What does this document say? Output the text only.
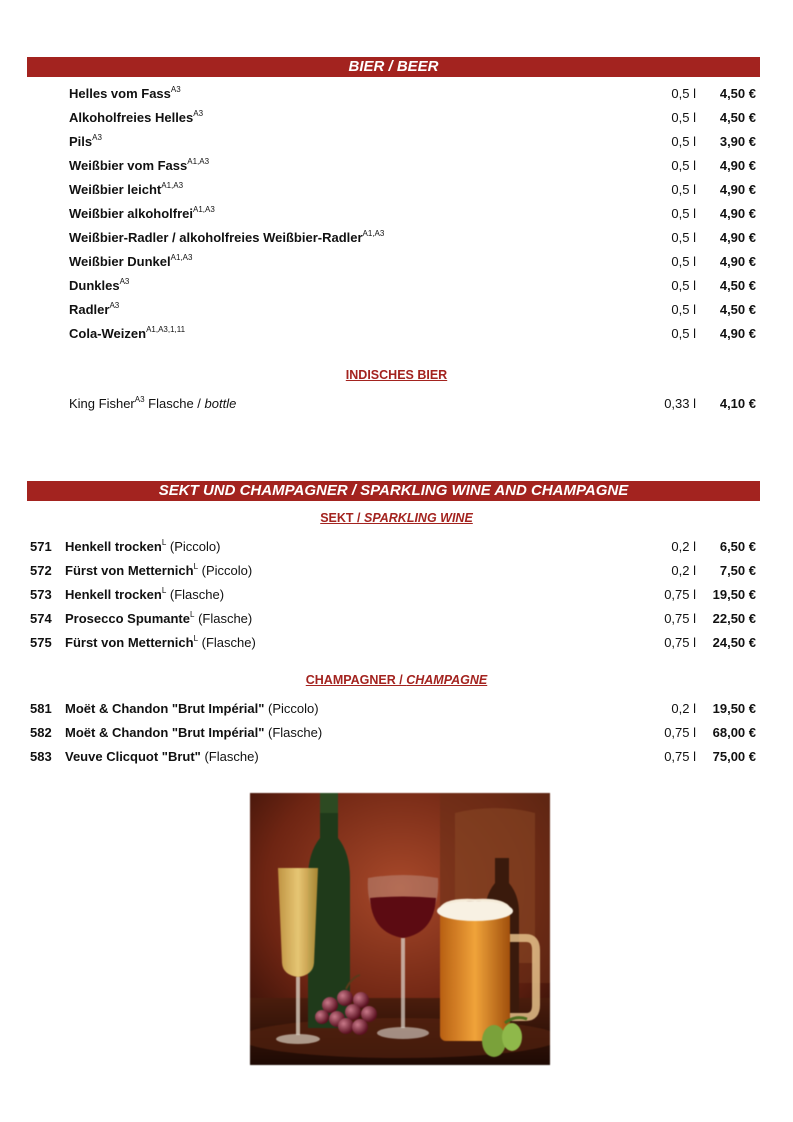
BIER / BEER
Helles vom Fass$^{A3}$	0,5 l 4,50 €
Alkoholfreies Helles$^{A3}$	0,5 l 4,50 €
Pils$^{A3}$	0,5 l 3,90 €
Weißbier vom Fass$^{A1,A3}$	0,5 l 4,90 €
Weißbier leicht$^{A1,A3}$	0,5 l 4,90 €
Weißbier alkoholfrei$^{A1,A3}$	0,5 l 4,90 €
Weißbier-Radler / alkoholfreies Weißbier-Radler$^{A1,A3}$	0,5 l 4,90 €
Weißbier Dunkel$^{A1,A3}$	0,5 l 4,90 €
Dunkles$^{A3}$	0,5 l 4,50 €
Radler$^{A3}$	0,5 l 4,50 €
Cola-Weizen$^{A1,A3,1,11}$	0,5 l 4,90 €
INDISCHES BIER
King Fisher$^{A3}$ Flasche / bottle	0,33 l 4,10 €
SEKT UND CHAMPAGNER / SPARKLING WINE AND CHAMPAGNE
SEKT / SPARKLING WINE
571 Henkell trocken$^L$ (Piccolo)	0,2 l 6,50 €
572 Fürst von Metternich$^L$ (Piccolo)	0,2 l 7,50 €
573 Henkell trocken$^L$ (Flasche)	0,75 l 19,50 €
574 Prosecco Spumante$^L$ (Flasche)	0,75 l 22,50 €
575 Fürst von Metternich$^L$ (Flasche)	0,75 l 24,50 €
CHAMPAGNER / CHAMPAGNE
581 Moët & Chandon "Brut Impérial" (Piccolo)	0,2 l 19,50 €
582 Moët & Chandon "Brut Impérial" (Flasche)	0,75 l 68,00 €
583 Veuve Clicquot "Brut" (Flasche)	0,75 l 75,00 €
